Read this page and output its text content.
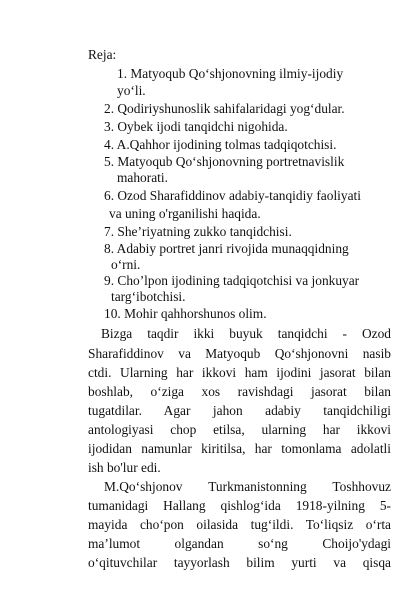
Reja:
1. Matyoqub Qo‘shjonovning ilmiy-ijodiy
yo‘li.
2. Qodiriyshunoslik sahifalaridagi yog‘dular.
3. Oybek ijodi tanqidchi nigohida.
4. A.Qahhor ijodining tolmas tadqiqotchisi.
5. Matyoqub Qo‘shjonovning portretnavislik
mahorati.
6. Ozod Sharafiddinov adabiy-tanqidiy faoliyati
va uning o'rganilishi haqida.
7. She’riyatning zukko tanqidchisi.
8. Adabiy portret janri rivojida munaqqidning
o‘rni.
9. Cho’lpon ijodining tadqiqotchisi va jonkuyar
targ‘ibotchisi.
10. Mohir qahhorshunos olim.
Bizga taqdir ikki buyuk tanqidchi - Ozod
Sharafiddinov va Matyoqub Qo‘shjonovni nasib
ctdi. Ularning har ikkovi ham ijodini jasorat bilan
boshlab, o‘ziga xos ravishdagi jasorat bilan
tugatdilar. Agar jahon adabiy tanqidchiligi
antologiyasi chop etilsa, ularning har ikkovi
ijodidan namunlar kiritilsa, har tomonlama adolatli
ish bo'lur edi.
M.Qo‘shjonov Turkmanistonning Toshhovuz
tumanidagi Hallang qishlog‘ida 1918-yilning 5-
mayida cho‘pon oilasida tug‘ildi. To‘liqsiz o‘rta
ma’lumot olgandan so‘ng Choijo'ydagi
o‘qituvchilar tayyorlash bilim yurti va qisqa
